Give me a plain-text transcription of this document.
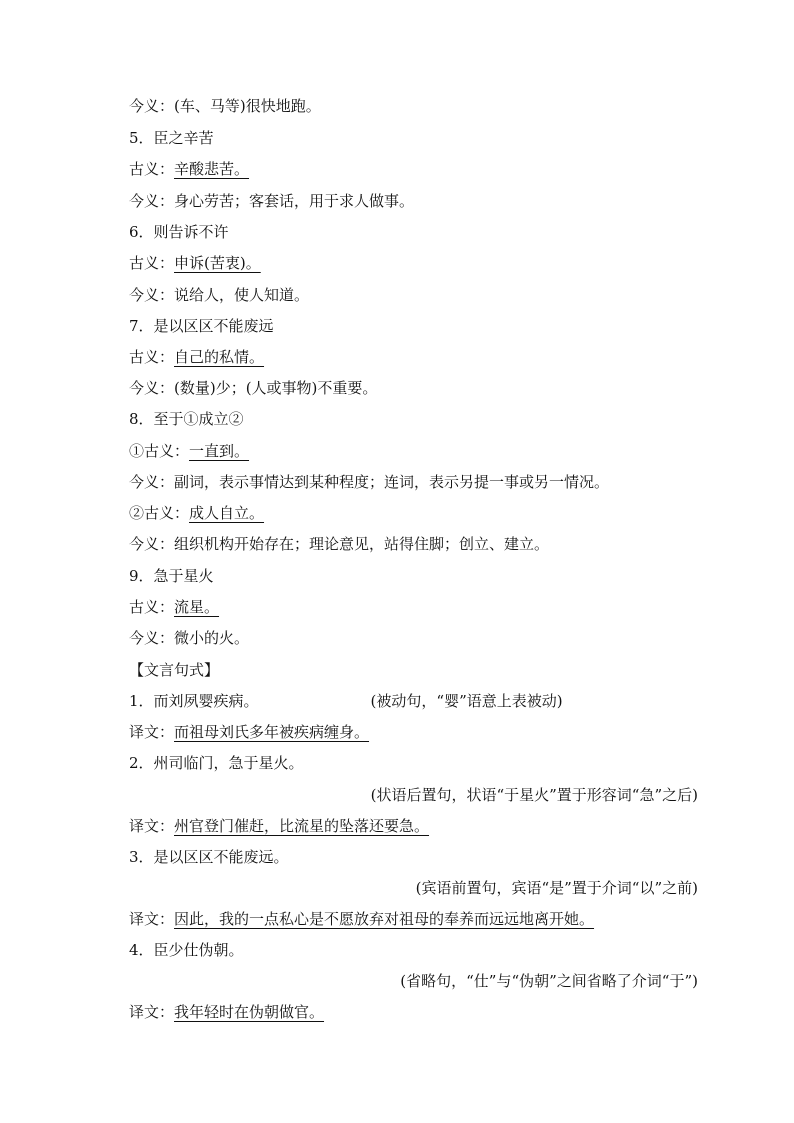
今义：(车、马等)很快地跑。
5．臣之辛苦
古义：辛酸悲苦。
今义：身心劳苦；客套话，用于求人做事。
6．则告诉不许
古义：申诉(苦衷)。
今义：说给人，使人知道。
7．是以区区不能废远
古义：自己的私情。
今义：(数量)少；(人或事物)不重要。
8．至于①成立②
①古义：一直到。
今义：副词，表示事情达到某种程度；连词，表示另提一事或另一情况。
②古义：成人自立。
今义：组织机构开始存在；理论意见，站得住脚；创立、建立。
9．急于星火
古义：流星。
今义：微小的火。
【文言句式】
1．而刘夙婴疾病。	(被动句，“婴”语意上表被动)
译文：而祖母刘氏多年被疾病缠身。
2．州司临门，急于星火。
(状语后置句，状语“于星火”置于形容词“急”之后)
译文：州官登门催赶，比流星的坠落还要急。
3．是以区区不能废远。
(宾语前置句，宾语“是”置于介词“以”之前)
译文：因此，我的一点私心是不愿放弃对祖母的奉养而远远地离开她。
4．臣少仕伪朝。
(省略句，“仕”与“伪朝”之间省略了介词“于”)
译文：我年轻时在伪朝做官。
